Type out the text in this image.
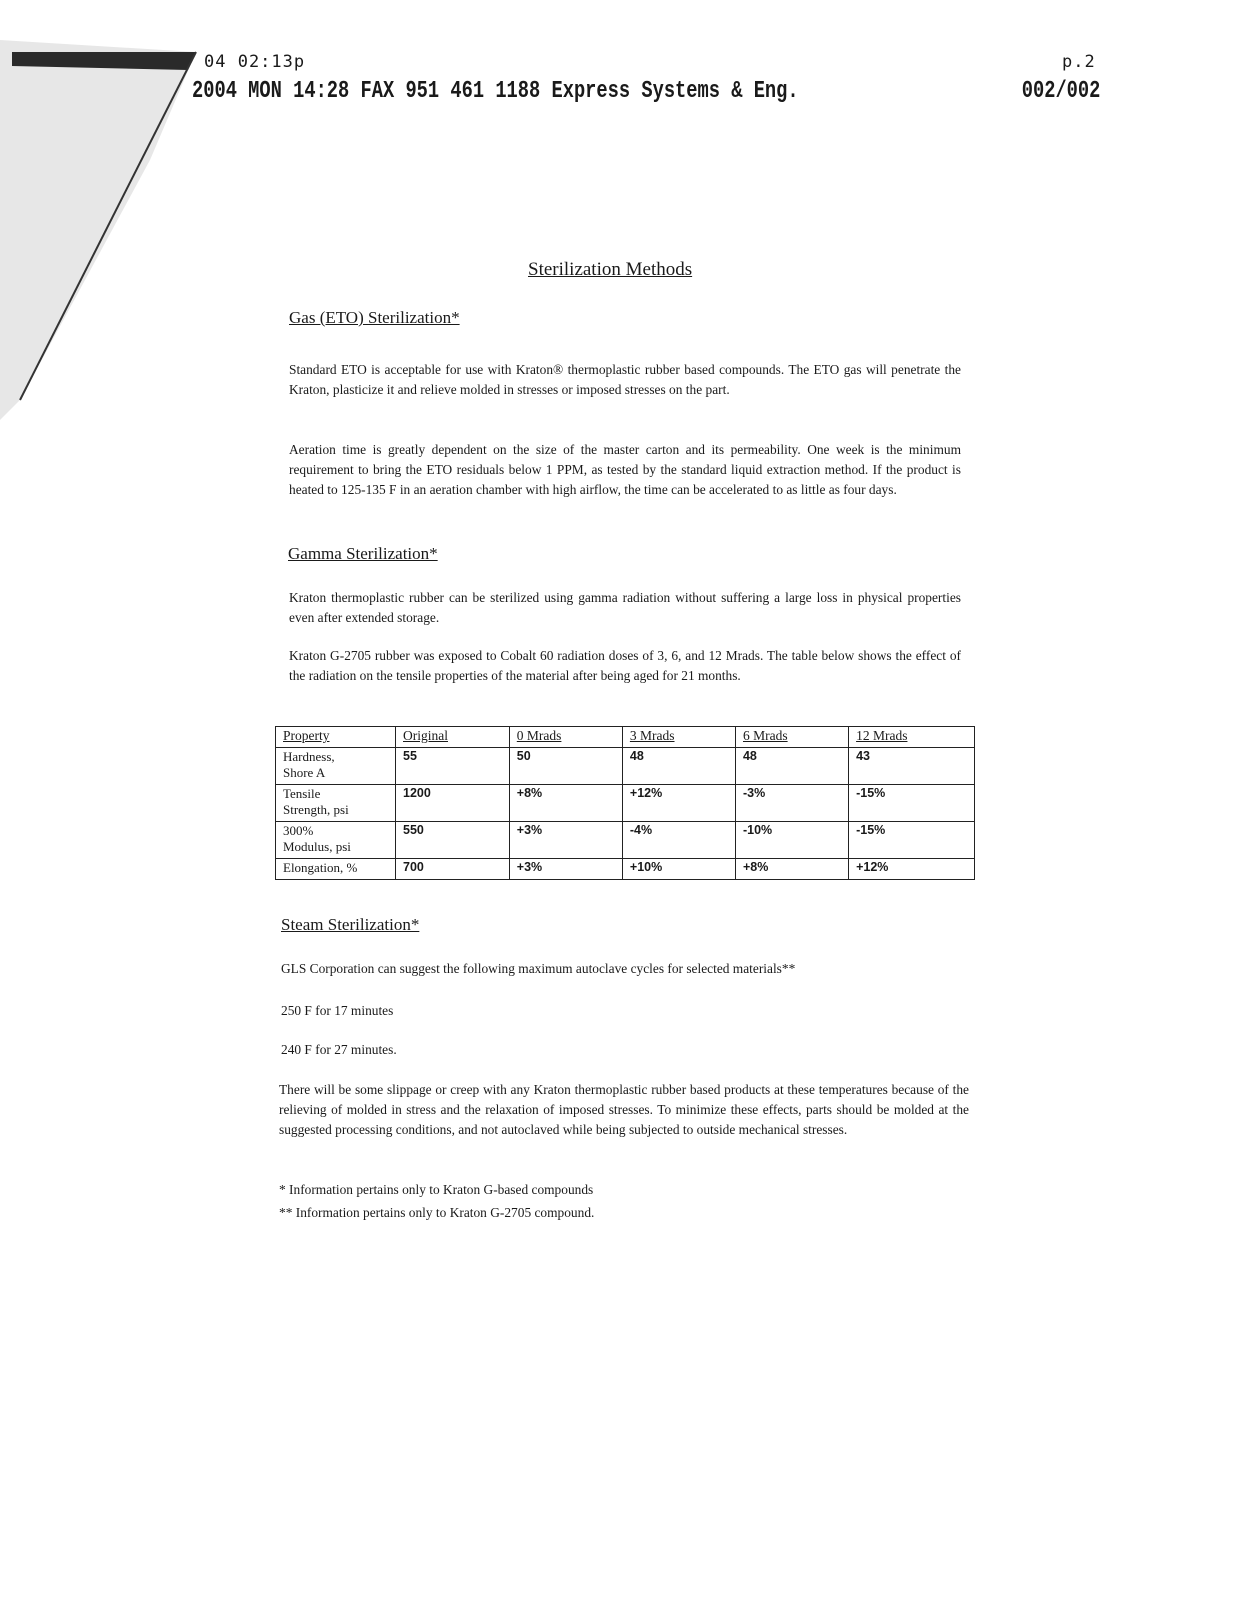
04 02:13p
2004 MON 14:28 FAX 951 461 1188 Express Systems & Eng.
p.2
 002/002
Sterilization Methods
Gas (ETO) Sterilization*
Standard ETO is acceptable for use with Kraton® thermoplastic rubber based compounds. The ETO gas will penetrate the Kraton, plasticize it and relieve molded in stresses or imposed stresses on the part.
Aeration time is greatly dependent on the size of the master carton and its permeability. One week is the minimum requirement to bring the ETO residuals below 1 PPM, as tested by the standard liquid extraction method. If the product is heated to 125-135 F in an aeration chamber with high airflow, the time can be accelerated to as little as four days.
Gamma Sterilization*
Kraton thermoplastic rubber can be sterilized using gamma radiation without suffering a large loss in physical properties even after extended storage.
Kraton G-2705 rubber was exposed to Cobalt 60 radiation doses of 3, 6, and 12 Mrads. The table below shows the effect of the radiation on the tensile properties of the material after being aged for 21 months.
Property	Original	0 Mrads	3 Mrads	6 Mrads	12 Mrads
Hardness,
Shore A	55	50	48	48	43
Tensile
Strength, psi	1200	+8%	+12%	-3%	-15%
300%
Modulus, psi	550	+3%	-4%	-10%	-15%
Elongation, %	700	+3%	+10%	+8%	+12%
Steam Sterilization*
GLS Corporation can suggest the following maximum autoclave cycles for selected materials**
250 F for 17 minutes
240 F for 27 minutes.
There will be some slippage or creep with any Kraton thermoplastic rubber based products at these temperatures because of the relieving of molded in stress and the relaxation of imposed stresses. To minimize these effects, parts should be molded at the suggested processing conditions, and not autoclaved while being subjected to outside mechanical stresses.
* Information pertains only to Kraton G-based compounds
** Information pertains only to Kraton G-2705 compound.
